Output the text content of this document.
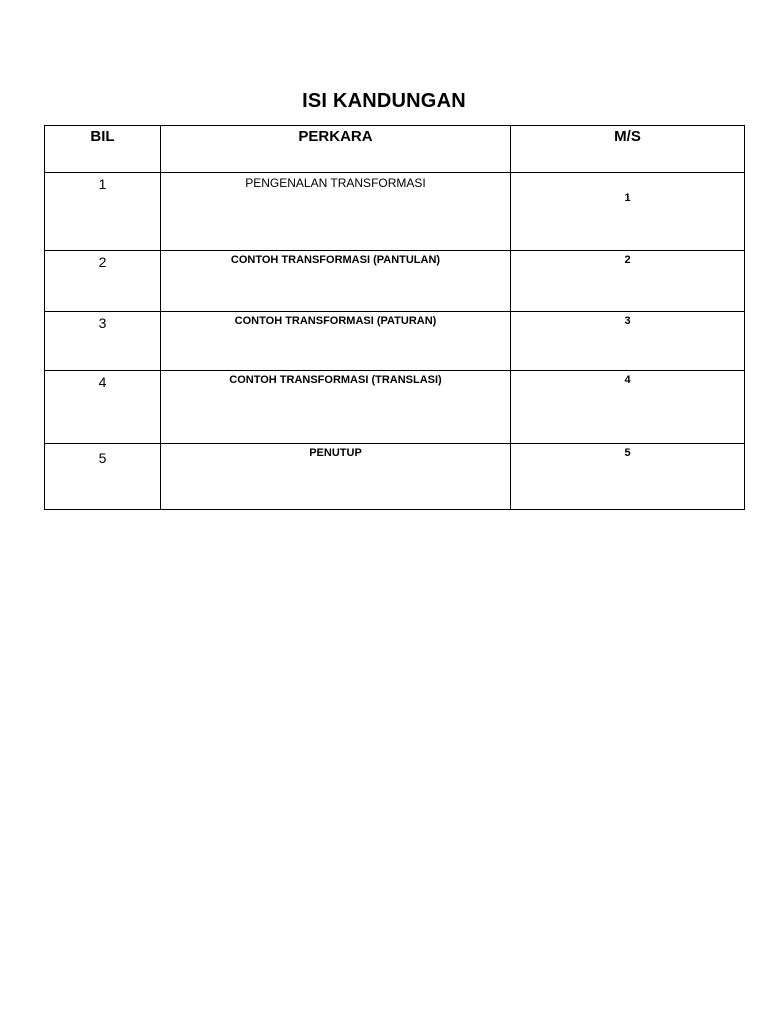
ISI KANDUNGAN
BIL	PERKARA	M/S

1	PENGENALAN TRANSFORMASI	1

2	CONTOH TRANSFORMASI (PANTULAN)	2

3	CONTOH TRANSFORMASI (PATURAN)	3

4	CONTOH TRANSFORMASI (TRANSLASI)	4

5	PENUTUP	5
